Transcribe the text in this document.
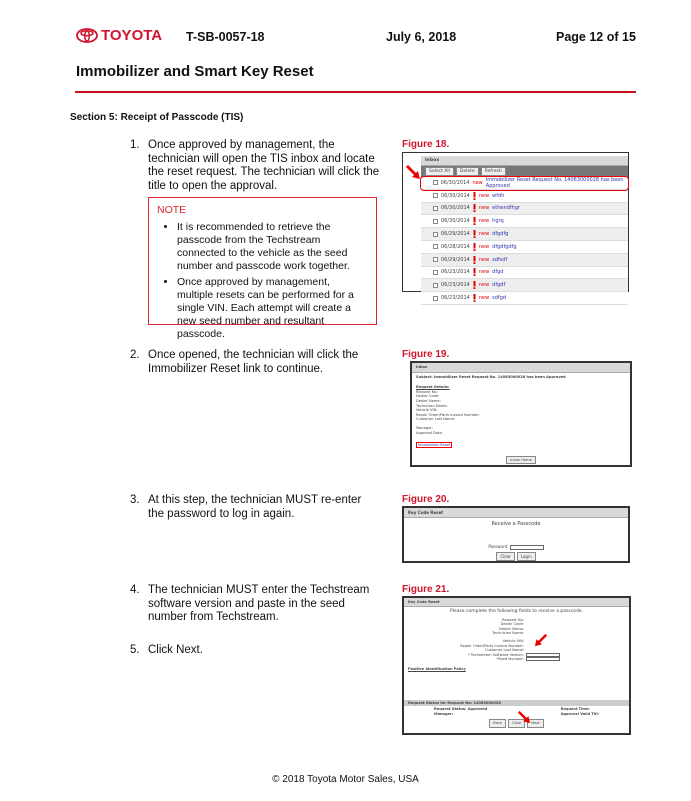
TOYOTA T-SB-0057-18	July 6, 2018	Page 12 of 15
Immobilizer and Smart Key Reset
Section 5: Receipt of Passcode (TIS)
1. Once approved by management, the technician will open the TIS inbox and locate the reset request. The technician will click the title to open the approval.
NOTE
• It is recommended to retrieve the passcode from the Techstream connected to the vehicle as the seed number and passcode work together.
• Once approved by management, multiple resets can be performed for a single VIN. Each attempt will create a new seed number and resultant passcode.
2. Once opened, the technician will click the Immobilizer Reset link to continue.
3. At this step, the technician MUST re-enter the password to log in again.
4. The technician MUST enter the Techstream software version and paste in the seed number from Techstream.
5. Click Next.
Figure 18.
Inbox
Select All Delete Refresh
06/30/2014 new Immobilizer Reset Request No. 14063000028 has been Approved
06/30/2014 new wfdh
06/30/2014 new ethendfhgr
06/30/2014 new hgrq
06/29/2014 new dfgdfg
06/28/2014 new dfgdfgdfg
06/29/2014 new sdfsdf
06/23/2014 new dfgd
06/23/2014 new dfgdf
06/23/2014 new sdfgd
Figure 19.
Inbox
Subject: Immobilizer Reset Request No. 14063000028 has been Approved
Request Details:
Request No:
Dealer Code:
Dealer Name:
Technician Name:
Vehicle VIN:
Repair Order/Parts Invoice Number:
Customer Last Name:
Manager:
Approval Date:
Immobilizer Reset
Inbox Home
Figure 20.
Key Code Reset
Receive a Passcode
Password:
Clear	Login
Figure 21.
Key Code Reset
Please complete the following fields to receive a passcode.
Request No:
Dealer Code:
Dealer Name:
Technician Name:
Vehicle VIN:
Repair Order/Parts Invoice Number:
Customer Last Name:
* Techstream Software Version:
*Seed Number:
Positive Identification Policy
Request Status for Request No: 14063000028
Request Status: Approved
Manager:
Request Time:
Approval Valid Till:
Back	Clear	Next
© 2018 Toyota Motor Sales, USA
